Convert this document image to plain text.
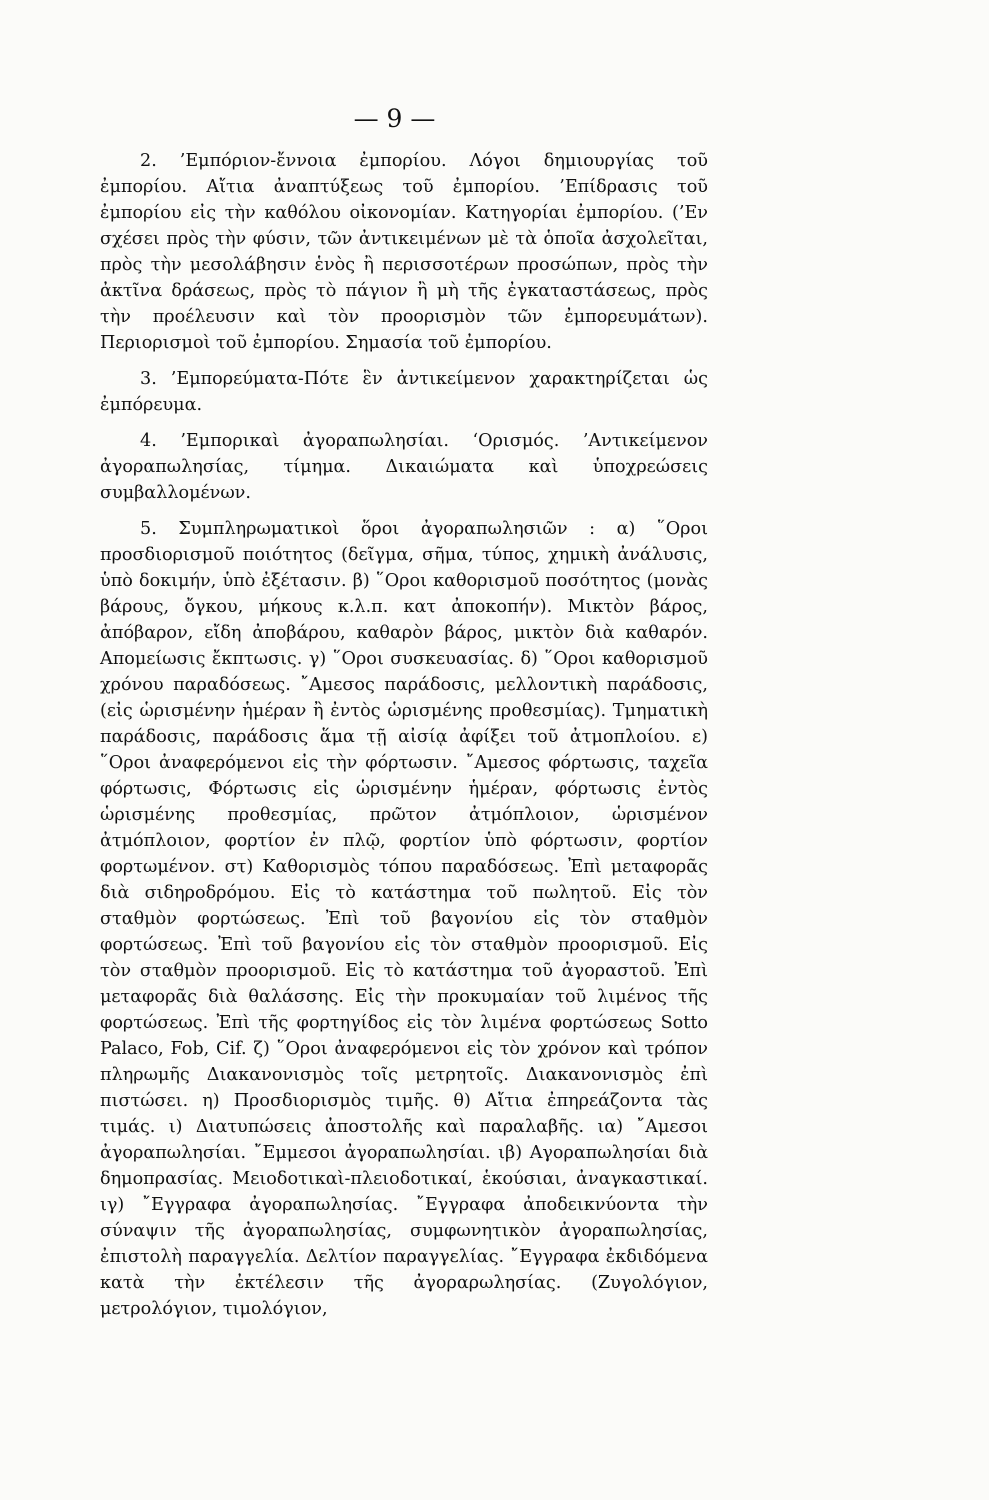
— 9 —

2. ’Εμπόριον-ἔννοια ἐμπορίου. Λόγοι δημιουργίας τοῦ ἐμπορίου. Αἴτια ἀναπτύξεως τοῦ ἐμπορίου. ’Επίδρασις τοῦ ἐμπορίου εἰς τὴν καθόλου οἰκονομίαν. Κατηγορίαι ἐμπορίου. (’Εν σχέσει πρὸς τὴν φύσιν, τῶν ἀντικειμένων μὲ τὰ ὁποῖα ἀσχολεῖται, πρὸς τὴν μεσολάβησιν ἑνὸς ἢ περισσοτέρων προσώπων, πρὸς τὴν ἀκτῖνα δράσεως, πρὸς τὸ πάγιον ἢ μὴ τῆς ἐγκαταστάσεως, πρὸς τὴν προέλευσιν καὶ τὸν προορισμὸν τῶν ἐμπορευμάτων). Περιορισμοὶ τοῦ ἐμπορίου. Σημασία τοῦ ἐμπορίου.

3. ’Εμπορεύματα-Πότε ἓν ἀντικείμενον χαρακτηρίζεται ὡς ἐμπόρευμα.

4. ’Εμπορικαὶ ἀγοραπωλησίαι. ‘Ορισμός. ’Αντικείμενον ἀγοραπωλησίας, τίμημα. Δικαιώματα καὶ ὑποχρεώσεις συμβαλλομένων.

5. Συμπληρωματικοὶ ὅροι ἀγοραπωλησιῶν : α) ῞Οροι προσδιορισμοῦ ποιότητος (δεῖγμα, σῆμα, τύπος, χημικὴ ἀνάλυσις, ὑπὸ δοκιμήν, ὑπὸ ἐξέτασιν. β) ῞Οροι καθορισμοῦ ποσότητος (μονὰς βάρους, ὄγκου, μήκους κ.λ.π. κατ ἀποκοπήν). Μικτὸν βάρος, ἀπόβαρον, εἴδη ἀποβάρου, καθαρὸν βάρος, μικτὸν διὰ καθαρόν. Απομείωσις ἔκπτωσις. γ) ῞Οροι συσκευασίας. δ) ῞Οροι καθορισμοῦ χρόνου παραδόσεως. ῎Αμεσος παράδοσις, μελλοντικὴ παράδοσις, (εἰς ὡρισμένην ἡμέραν ἢ ἐντὸς ὡρισμένης προθεσμίας). Τμηματικὴ παράδοσις, παράδοσις ἅμα τῇ αἰσίᾳ ἀφίξει τοῦ ἀτμοπλοίου. ε) ῞Οροι ἀναφερόμενοι εἰς τὴν φόρτωσιν. ῎Αμεσος φόρτωσις, ταχεῖα φόρτωσις, Φόρτωσις εἰς ὡρισμένην ἡμέραν, φόρτωσις ἐντὸς ὡρισμένης προθεσμίας, πρῶτον ἀτμόπλοιον, ὡρισμένον ἀτμόπλοιον, φορτίον ἐν πλῷ, φορτίον ὑπὸ φόρτωσιν, φορτίον φορτωμένον. στ) Καθορισμὸς τόπου παραδόσεως. Ἐπὶ μεταφορᾶς διὰ σιδηροδρόμου. Εἰς τὸ κατάστημα τοῦ πωλητοῦ. Εἰς τὸν σταθμὸν φορτώσεως. Ἐπὶ τοῦ βαγονίου εἰς τὸν σταθμὸν φορτώσεως. Ἐπὶ τοῦ βαγονίου εἰς τὸν σταθμὸν προορισμοῦ. Εἰς τὸν σταθμὸν προορισμοῦ. Εἰς τὸ κατάστημα τοῦ ἀγοραστοῦ. Ἐπὶ μεταφορᾶς διὰ θαλάσσης. Εἰς τὴν προκυμαίαν τοῦ λιμένος τῆς φορτώσεως. Ἐπὶ τῆς φορτηγίδος εἰς τὸν λιμένα φορτώσεως Sotto Palaco, Fob, Cif. ζ) ῞Οροι ἀναφερόμενοι εἰς τὸν χρόνον καὶ τρόπον πληρωμῆς Διακανονισμὸς τοῖς μετρητοῖς. Διακανονισμὸς ἐπὶ πιστώσει. η) Προσδιορισμὸς τιμῆς. θ) Αἴτια ἐπηρεάζοντα τὰς τιμάς. ι) Διατυπώσεις ἀποστολῆς καὶ παραλαβῆς. ια) ῎Αμεσοι ἀγοραπωλησίαι. ῎Εμμεσοι ἀγοραπωλησίαι. ιβ) Αγοραπωλησίαι διὰ δημοπρασίας. Μειοδοτικαὶ-πλειοδοτικαί, ἑκούσιαι, ἀναγκαστικαί. ιγ) ῎Εγγραφα ἀγοραπωλησίας. ῎Εγγραφα ἀποδεικνύοντα τὴν σύναψιν τῆς ἀγοραπωλησίας, συμφωνητικὸν ἀγοραπωλησίας, ἐπιστολὴ παραγγελία. Δελτίον παραγγελίας. ῎Εγγραφα ἐκδιδόμενα κατὰ τὴν ἐκτέλεσιν τῆς ἀγοραρωλησίας. (Ζυγολόγιον, μετρολόγιον, τιμολόγιον,
